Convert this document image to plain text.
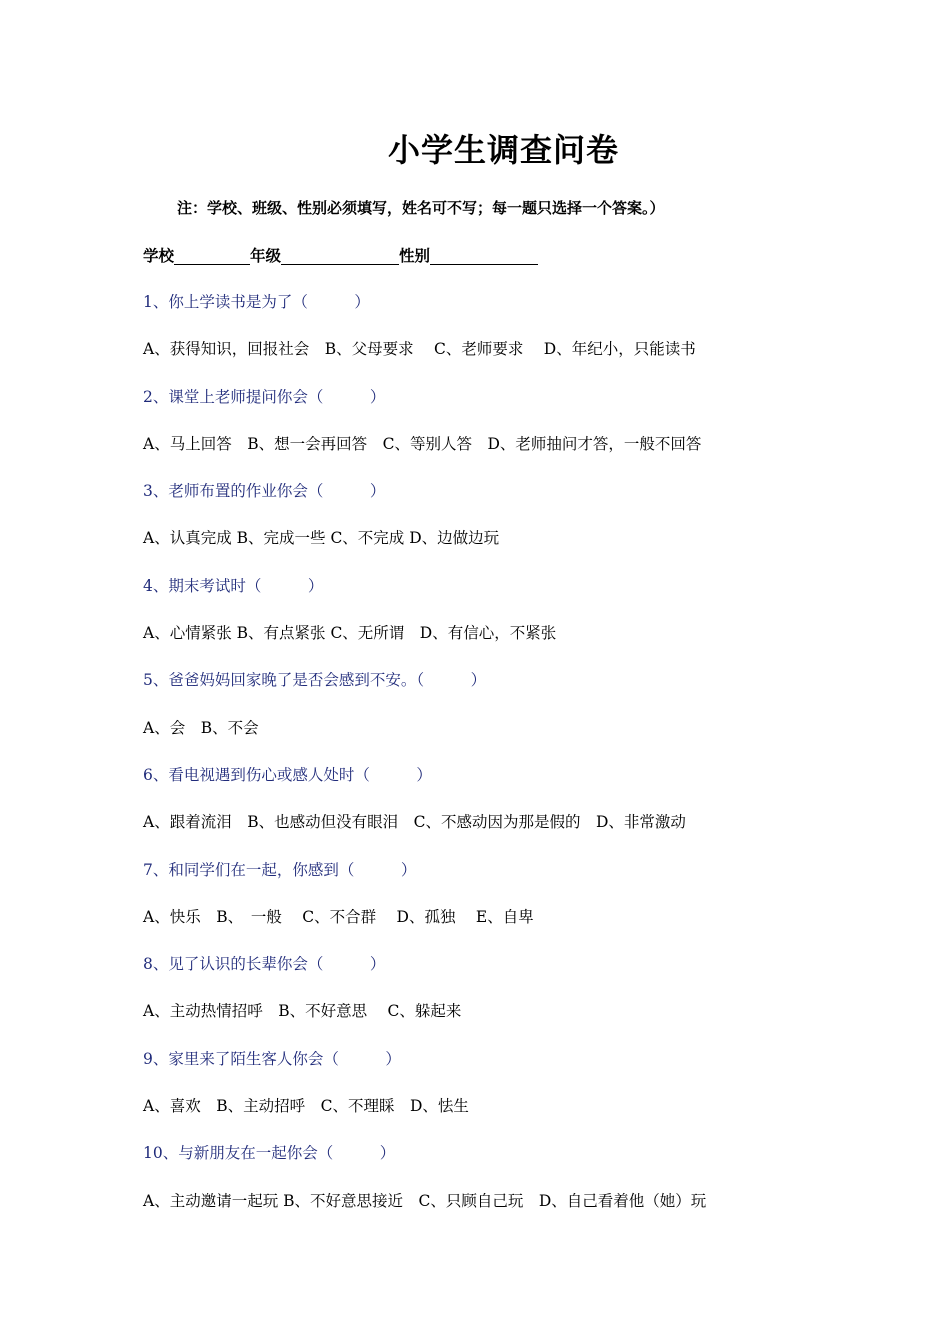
小学生调查问卷
注：学校、班级、性别必须填写，姓名可不写；每一题只选择一个答案。）
学校	年级	性别
1、你上学读书是为了（　　　）
A、获得知识，回报社会　B、父母要求　 C、老师要求　 D、年纪小，只能读书
2、课堂上老师提问你会（　　　）
A、马上回答　B、想一会再回答　C、等别人答　D、老师抽问才答，一般不回答
3、老师布置的作业你会（　　　）
A、认真完成 B、完成一些 C、不完成 D、边做边玩
4、期末考试时（　　　）
A、心情紧张 B、有点紧张 C、无所谓　D、有信心，不紧张
5、爸爸妈妈回家晚了是否会感到不安。（　　　）
A、会　B、不会
6、看电视遇到伤心或感人处时（　　　）
A、跟着流泪　B、也感动但没有眼泪　C、不感动因为那是假的　D、非常激动
7、和同学们在一起，你感到（　　　）
A、快乐　B、　一般　 C、不合群　 D、孤独　 E、自卑
8、见了认识的长辈你会（　　　）
A、主动热情招呼　B、不好意思　 C、躲起来
9、家里来了陌生客人你会（　　　）
A、喜欢　B、主动招呼　C、不理睬　D、怯生
10、与新朋友在一起你会（　　　）
A、主动邀请一起玩 B、不好意思接近　C、只顾自己玩　D、自己看着他（她）玩
